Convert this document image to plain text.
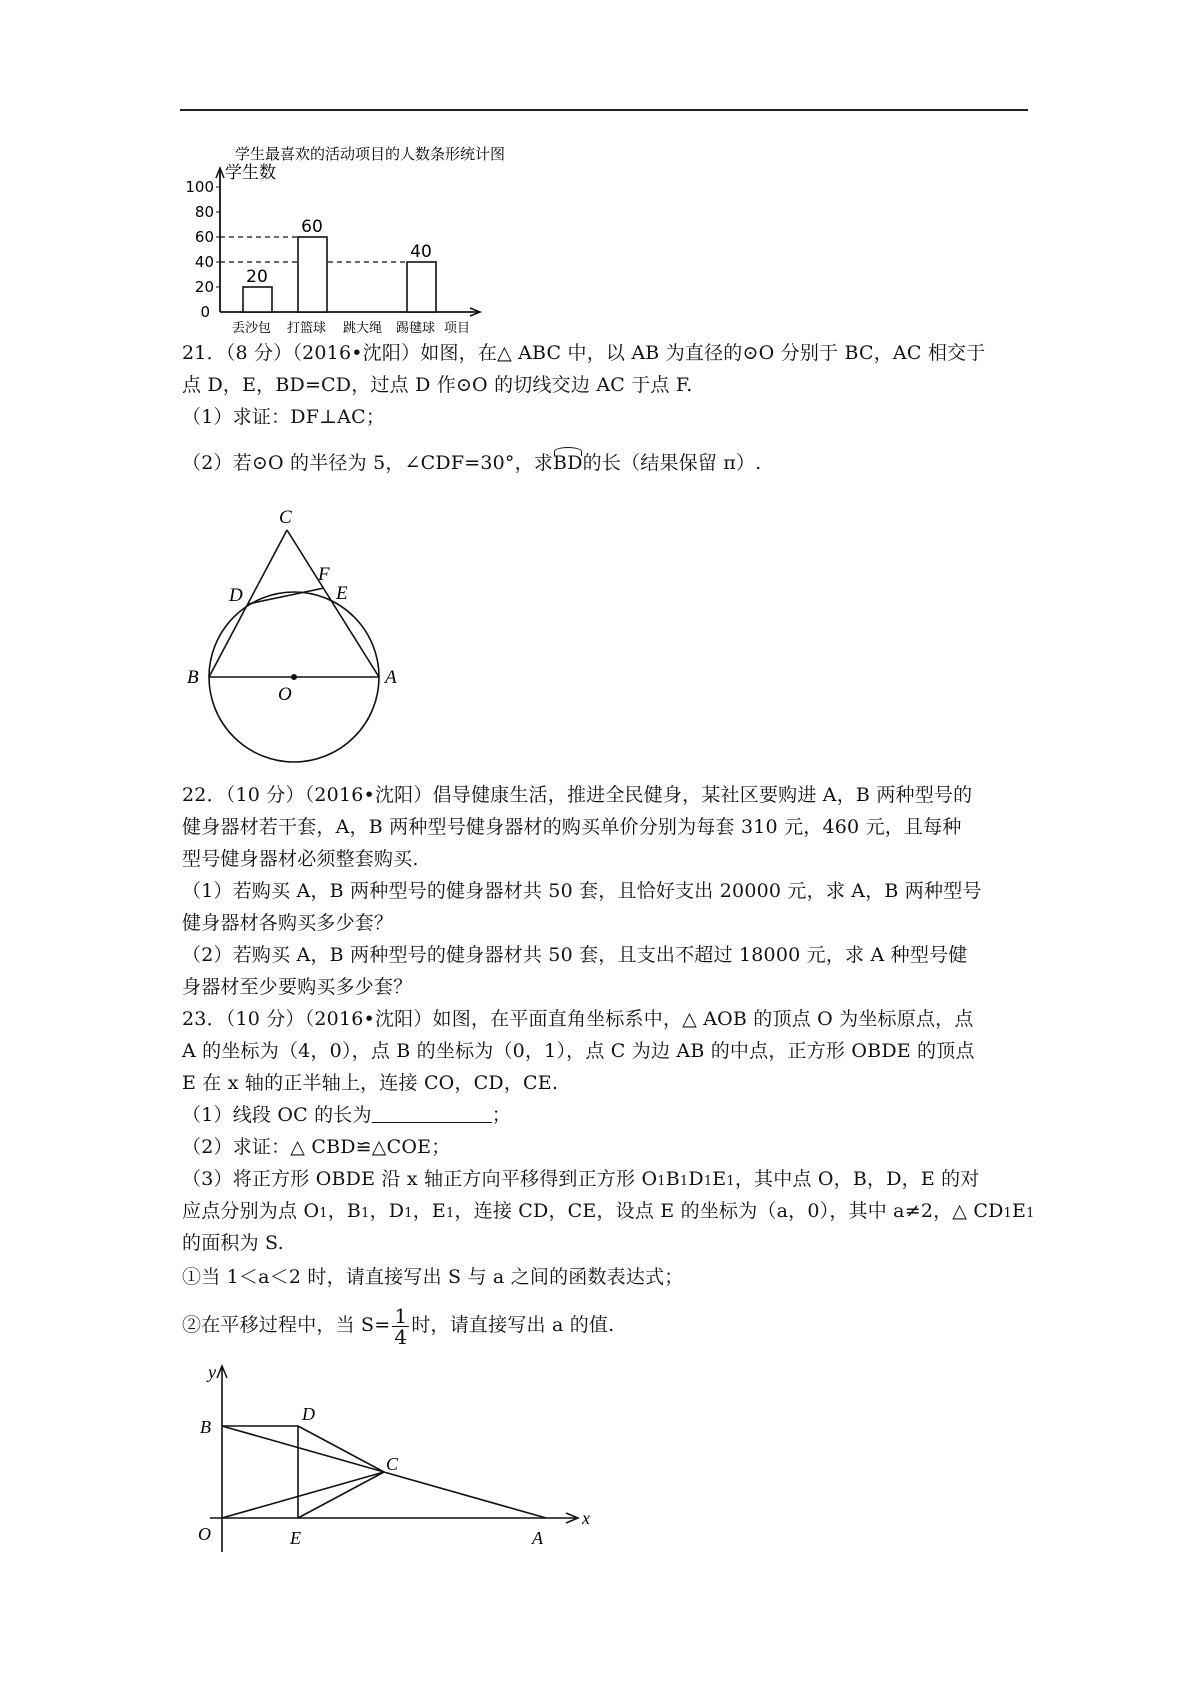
学生最喜欢的活动项目的人数条形统计图
学生数
100
80
60
40
20
0
20
60
40
丢沙包 打篮球 跳大绳 踢毽球 项目
21．（8 分）（2016•沈阳）如图，在△ ABC 中，以 AB 为直径的⊙O 分别于 BC，AC 相交于
点 D，E，BD=CD，过点 D 作⊙O 的切线交边 AC 于点 F.
（1）求证：DF⊥AC；
（2）若⊙O 的半径为 5，∠CDF=30°，求BD的长（结果保留 π）.
C
F
D	E
B
O
A
22．（10 分）（2016•沈阳）倡导健康生活，推进全民健身，某社区要购进 A，B 两种型号的
健身器材若干套，A，B 两种型号健身器材的购买单价分别为每套 310 元，460 元，且每种
型号健身器材必须整套购买.
（1）若购买 A，B 两种型号的健身器材共 50 套，且恰好支出 20000 元，求 A，B 两种型号
健身器材各购买多少套？
（2）若购买 A，B 两种型号的健身器材共 50 套，且支出不超过 18000 元，求 A 种型号健
身器材至少要购买多少套？
23．（10 分）（2016•沈阳）如图，在平面直角坐标系中，△ AOB 的顶点 O 为坐标原点，点
A 的坐标为（4，0），点 B 的坐标为（0，1），点 C 为边 AB 的中点，正方形 OBDE 的顶点
E 在 x 轴的正半轴上，连接 CO，CD，CE.
（1）线段 OC 的长为	；
（2）求证：△ CBD≌△COE；
（3）将正方形 OBDE 沿 x 轴正方向平移得到正方形 O1B1D1E1，其中点 O，B，D，E 的对
应点分别为点 O1，B1，D1，E1，连接 CD，CE，设点 E 的坐标为（a，0），其中 a≠2，△ CD1E1
的面积为 S.
①当 1＜a＜2 时，请直接写出 S 与 a 之间的函数表达式；
②在平移过程中，当 $S= \frac{1}{4}$ 时，请直接写出 a 的值.
y
x
B
D
C
O	E	A
